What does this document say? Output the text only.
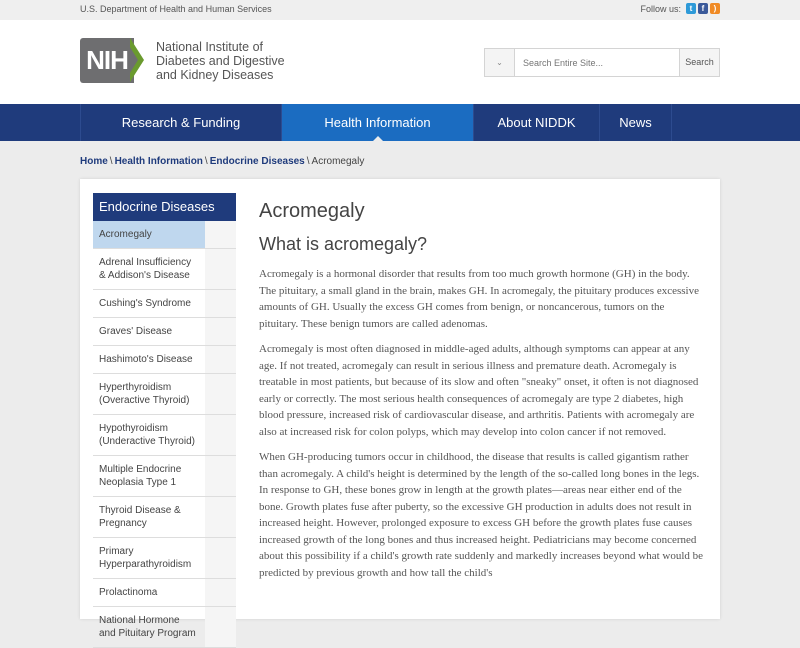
U.S. Department of Health and Human Services	Follow us:	t	f	)
NIH	National Institute of
Diabetes and Digestive
and Kidney Diseases
⌄
Search Entire Site...	Search
Research & Funding	Health Information	About NIDDK	News
Home \ Health Information \ Endocrine Diseases \ Acromegaly
Endocrine Diseases
Acromegaly
Adrenal Insufficiency & Addison's Disease
Cushing's Syndrome
Graves' Disease
Hashimoto's Disease
Hyperthyroidism (Overactive Thyroid)
Hypothyroidism (Underactive Thyroid)
Multiple Endocrine Neoplasia Type 1
Thyroid Disease & Pregnancy
Primary Hyperparathyroidism
Prolactinoma
National Hormone and Pituitary Program
Acromegaly
What is acromegaly?

Acromegaly is a hormonal disorder that results from too much growth hormone (GH) in the body. The pituitary, a small gland in the brain, makes GH. In acromegaly, the pituitary produces excessive amounts of GH. Usually the excess GH comes from benign, or noncancerous, tumors on the pituitary. These benign tumors are called adenomas.

Acromegaly is most often diagnosed in middle-aged adults, although symptoms can appear at any age. If not treated, acromegaly can result in serious illness and premature death. Acromegaly is treatable in most patients, but because of its slow and often "sneaky" onset, it often is not diagnosed early or correctly. The most serious health consequences of acromegaly are type 2 diabetes, high blood pressure, increased risk of cardiovascular disease, and arthritis. Patients with acromegaly are also at increased risk for colon polyps, which may develop into colon cancer if not removed.

When GH-producing tumors occur in childhood, the disease that results is called gigantism rather than acromegaly. A child's height is determined by the length of the so-called long bones in the legs. In response to GH, these bones grow in length at the growth plates—areas near either end of the bone. Growth plates fuse after puberty, so the excessive GH production in adults does not result in increased height. However, prolonged exposure to excess GH before the growth plates fuse causes increased growth of the long bones and thus increased height. Pediatricians may become concerned about this possibility if a child's growth rate suddenly and markedly increases beyond what would be predicted by previous growth and how tall the child's
